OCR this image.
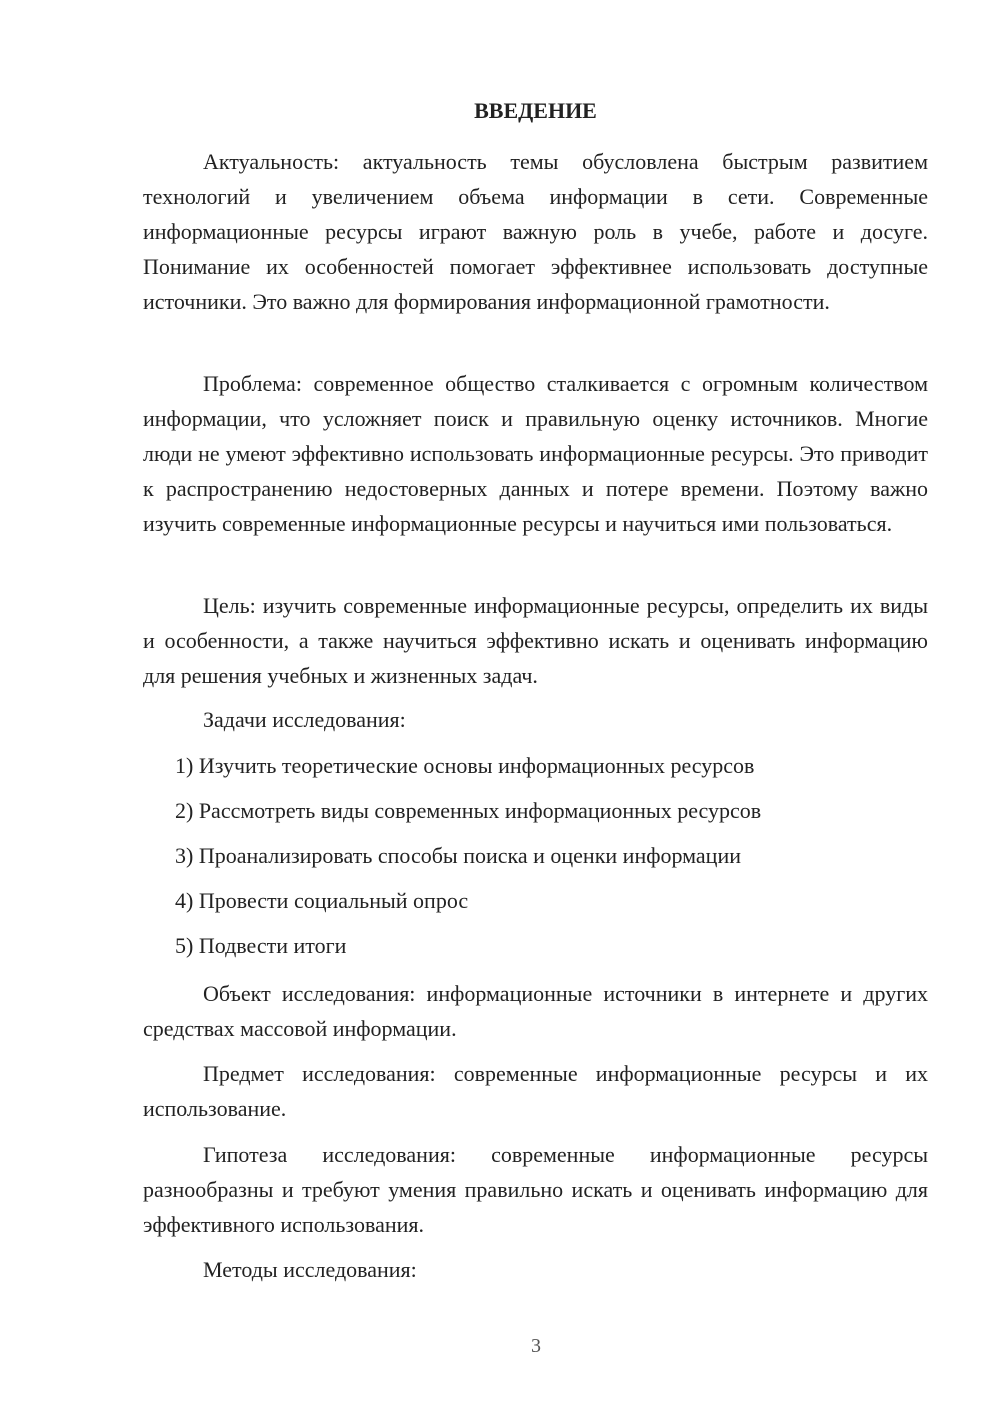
ВВЕДЕНИЕ

Актуальность: актуальность темы обусловлена быстрым развитием технологий и увеличением объема информации в сети. Современные информационные ресурсы играют важную роль в учебе, работе и досуге. Понимание их особенностей помогает эффективнее использовать доступные источники. Это важно для формирования информационной грамотности.

Проблема: современное общество сталкивается с огромным количеством информации, что усложняет поиск и правильную оценку источников. Многие люди не умеют эффективно использовать информационные ресурсы. Это приводит к распространению недостоверных данных и потере времени. Поэтому важно изучить современные информационные ресурсы и научиться ими пользоваться.

Цель: изучить современные информационные ресурсы, определить их виды и особенности, а также научиться эффективно искать и оценивать информацию для решения учебных и жизненных задач.

Задачи исследования:

1) Изучить теоретические основы информационных ресурсов

2) Рассмотреть виды современных информационных ресурсов

3) Проанализировать способы поиска и оценки информации

4) Провести социальный опрос

5) Подвести итоги

Объект исследования: информационные источники в интернете и других средствах массовой информации.

Предмет исследования: современные информационные ресурсы и их использование.

Гипотеза исследования: современные информационные ресурсы разнообразны и требуют умения правильно искать и оценивать информацию для эффективного использования.

Методы исследования:

3
